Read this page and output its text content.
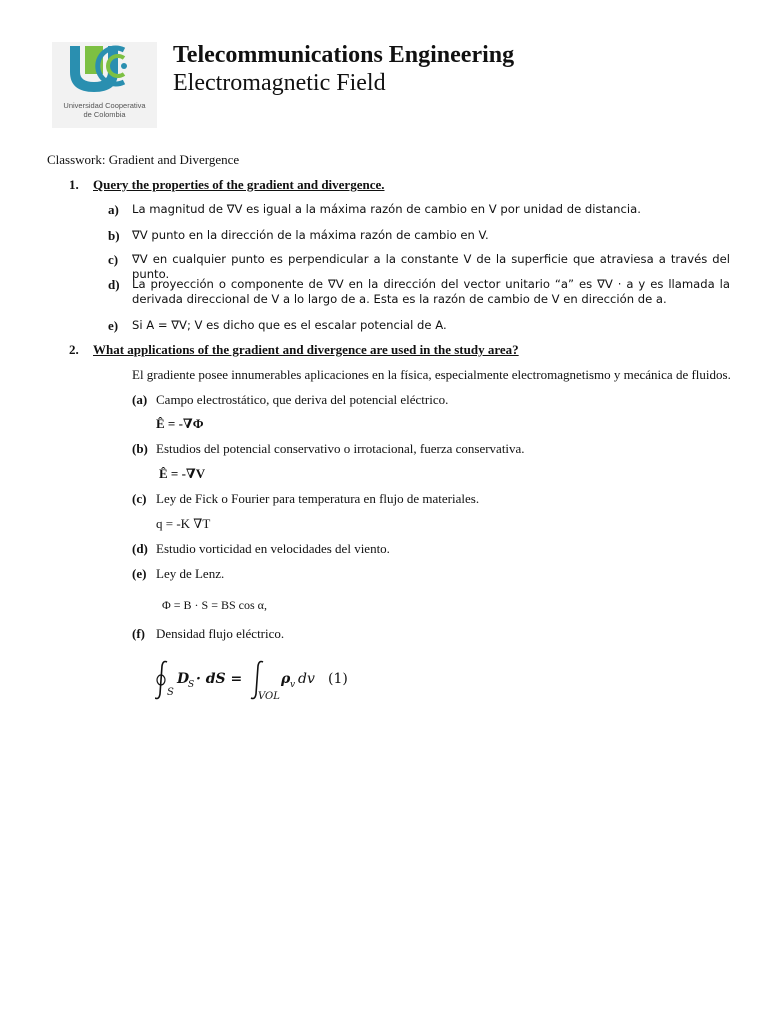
Universidad Cooperativa
de Colombia
Telecommunications Engineering
Electromagnetic Field
Classwork: Gradient and Divergence
1. Query the properties of the gradient and divergence.
a) La magnitud de ∇V es igual a la máxima razón de cambio en V por unidad de distancia.
b) ∇V punto en la dirección de la máxima razón de cambio en V.
c) ∇V en cualquier punto es perpendicular a la constante V de la superficie que atraviesa a través del punto.
d) La proyección o componente de ∇V en la dirección del vector unitario “a” es ∇V · a y es llamada la derivada direccional de V a lo largo de a. Esta es la razón de cambio de V en dirección de a.
e) Si A = ∇V; V es dicho que es el escalar potencial de A.
2. What applications of the gradient and divergence are used in the study area?
El gradiente posee innumerables aplicaciones en la física, especialmente electromagnetismo y mecánica de fluidos.
(a) Campo electrostático, que deriva del potencial eléctrico.
Ê = -∇Φ
(b) Estudios del potencial conservativo o irrotacional, fuerza conservativa.
Ê = -∇V
(c) Ley de Fick o Fourier para temperatura en flujo de materiales.
q = -K ∇T
(d) Estudio vorticidad en velocidades del viento.
(e) Ley de Lenz.
Φ = B · S = BS cos α,
(f) Densidad flujo eléctrico.
S
D
S · dS =
VOL
ρ v dv (1)
